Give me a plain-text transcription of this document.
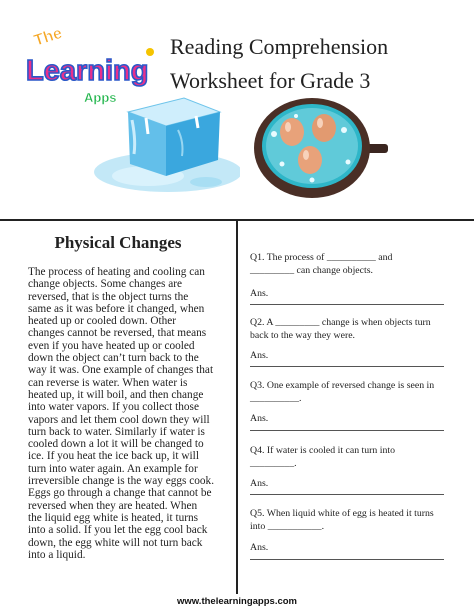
The
Learning
Apps
Reading Comprehension
Worksheet for Grade 3
Physical Changes
The process of heating and cooling can
change objects. Some changes are
reversed, that is the object turns the
same as it was before it changed, when
heated up or cooled down. Other
changes cannot be reversed, that means
even if you have heated up or cooled
down the object can’t turn back to the
way it was. One example of changes that
can reverse is water. When water is
heated up, it will boil, and then change
into water vapors. If you collect those
vapors and let them cool down they will
turn back to water. Similarly if water is
cooled down a lot it will be changed to
ice. If you heat the ice back up, it will
turn into water again. An example for
irreversible change is the way eggs cook.
Eggs go through a change that cannot be
reversed when they are heated. When
the liquid egg white is heated, it turns
into a solid. If you let the egg cool back
down, the egg white will not turn back
into a liquid.
Q1. The process of __________ and
_________ can change objects.
Ans.
Q2. A _________ change is when objects turn
back to the way they were.
Ans.
Q3. One example of reversed change is seen in
__________.
Ans.
Q4. If water is cooled it can turn into
_________.
Ans.
Q5. When liquid white of egg is heated it turns
into ___________.
Ans.
www.thelearningapps.com
